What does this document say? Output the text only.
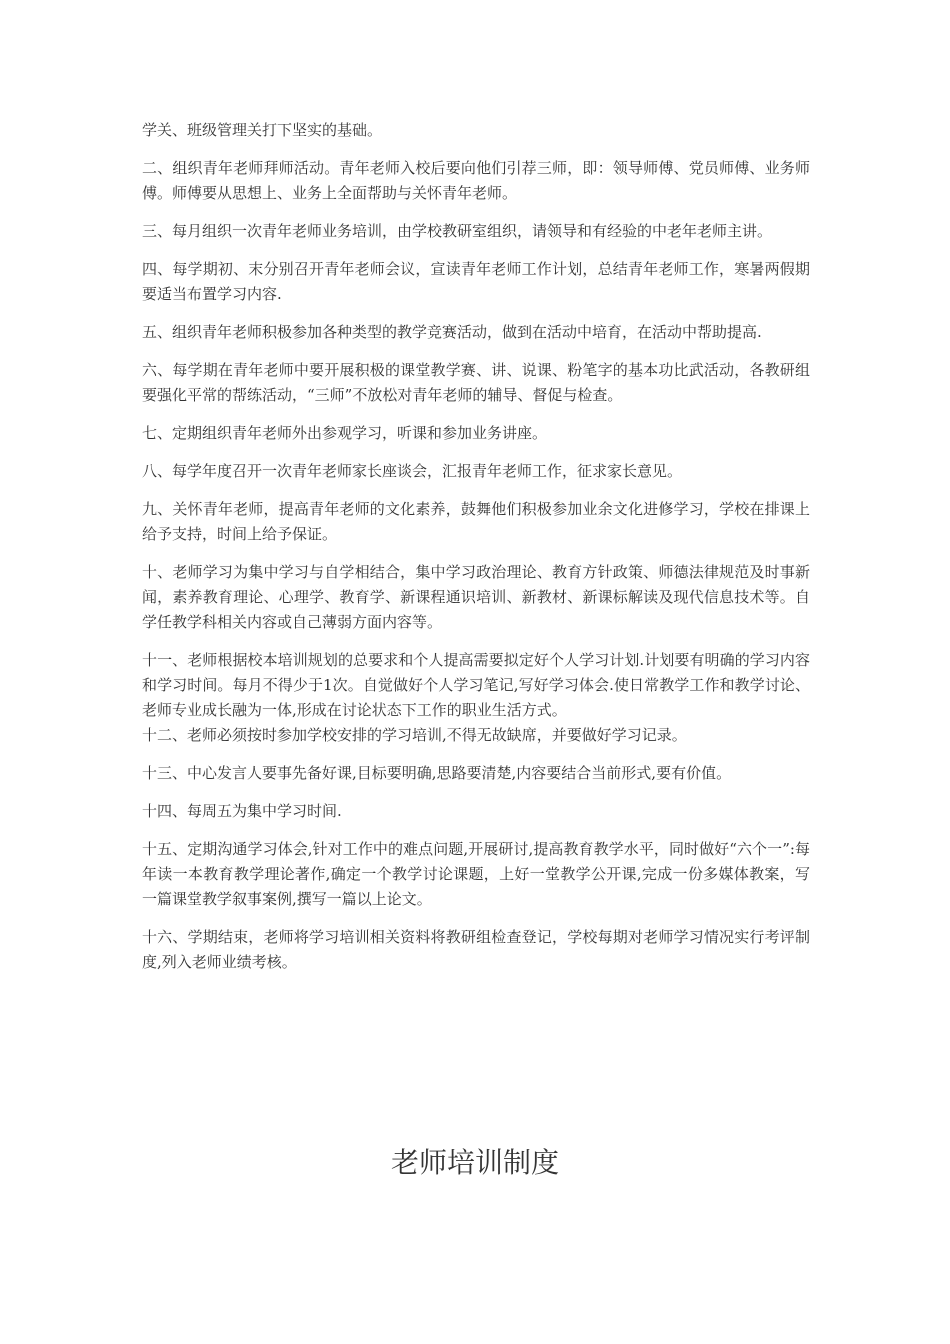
学关、班级管理关打下坚实的基础。

二、组织青年老师拜师活动。青年老师入校后要向他们引荐三师，即：领导师傅、党员师傅、业务师傅。师傅要从思想上、业务上全面帮助与关怀青年老师。

三、每月组织一次青年老师业务培训，由学校教研室组织，请领导和有经验的中老年老师主讲。

四、每学期初、末分别召开青年老师会议，宣读青年老师工作计划，总结青年老师工作，寒暑两假期要适当布置学习内容.

五、组织青年老师积极参加各种类型的教学竞赛活动，做到在活动中培育，在活动中帮助提高.

六、每学期在青年老师中要开展积极的课堂教学赛、讲、说课、粉笔字的基本功比武活动，各教研组要强化平常的帮练活动，“三师”不放松对青年老师的辅导、督促与检查。

七、定期组织青年老师外出参观学习，听课和参加业务讲座。

八、每学年度召开一次青年老师家长座谈会，汇报青年老师工作，征求家长意见。

九、关怀青年老师，提高青年老师的文化素养，鼓舞他们积极参加业余文化进修学习，学校在排课上给予支持，时间上给予保证。

十、老师学习为集中学习与自学相结合，集中学习政治理论、教育方针政策、师德法律规范及时事新闻，素养教育理论、心理学、教育学、新课程通识培训、新教材、新课标解读及现代信息技术等。自学任教学科相关内容或自己薄弱方面内容等。

十一、老师根据校本培训规划的总要求和个人提高需要拟定好个人学习计划.计划要有明确的学习内容和学习时间。每月不得少于1次。自觉做好个人学习笔记,写好学习体会.使日常教学工作和教学讨论、老师专业成长融为一体,形成在讨论状态下工作的职业生活方式。

十二、老师必须按时参加学校安排的学习培训,不得无故缺席，并要做好学习记录。

十三、中心发言人要事先备好课,目标要明确,思路要清楚,内容要结合当前形式,要有价值。

十四、每周五为集中学习时间.

十五、定期沟通学习体会,针对工作中的难点问题,开展研讨,提高教育教学水平，同时做好“六个一”:每年读一本教育教学理论著作,确定一个教学讨论课题，上好一堂教学公开课,完成一份多媒体教案，写一篇课堂教学叙事案例,撰写一篇以上论文。

十六、学期结束，老师将学习培训相关资料将教研组检查登记，学校每期对老师学习情况实行考评制度,列入老师业绩考核。

老师培训制度
